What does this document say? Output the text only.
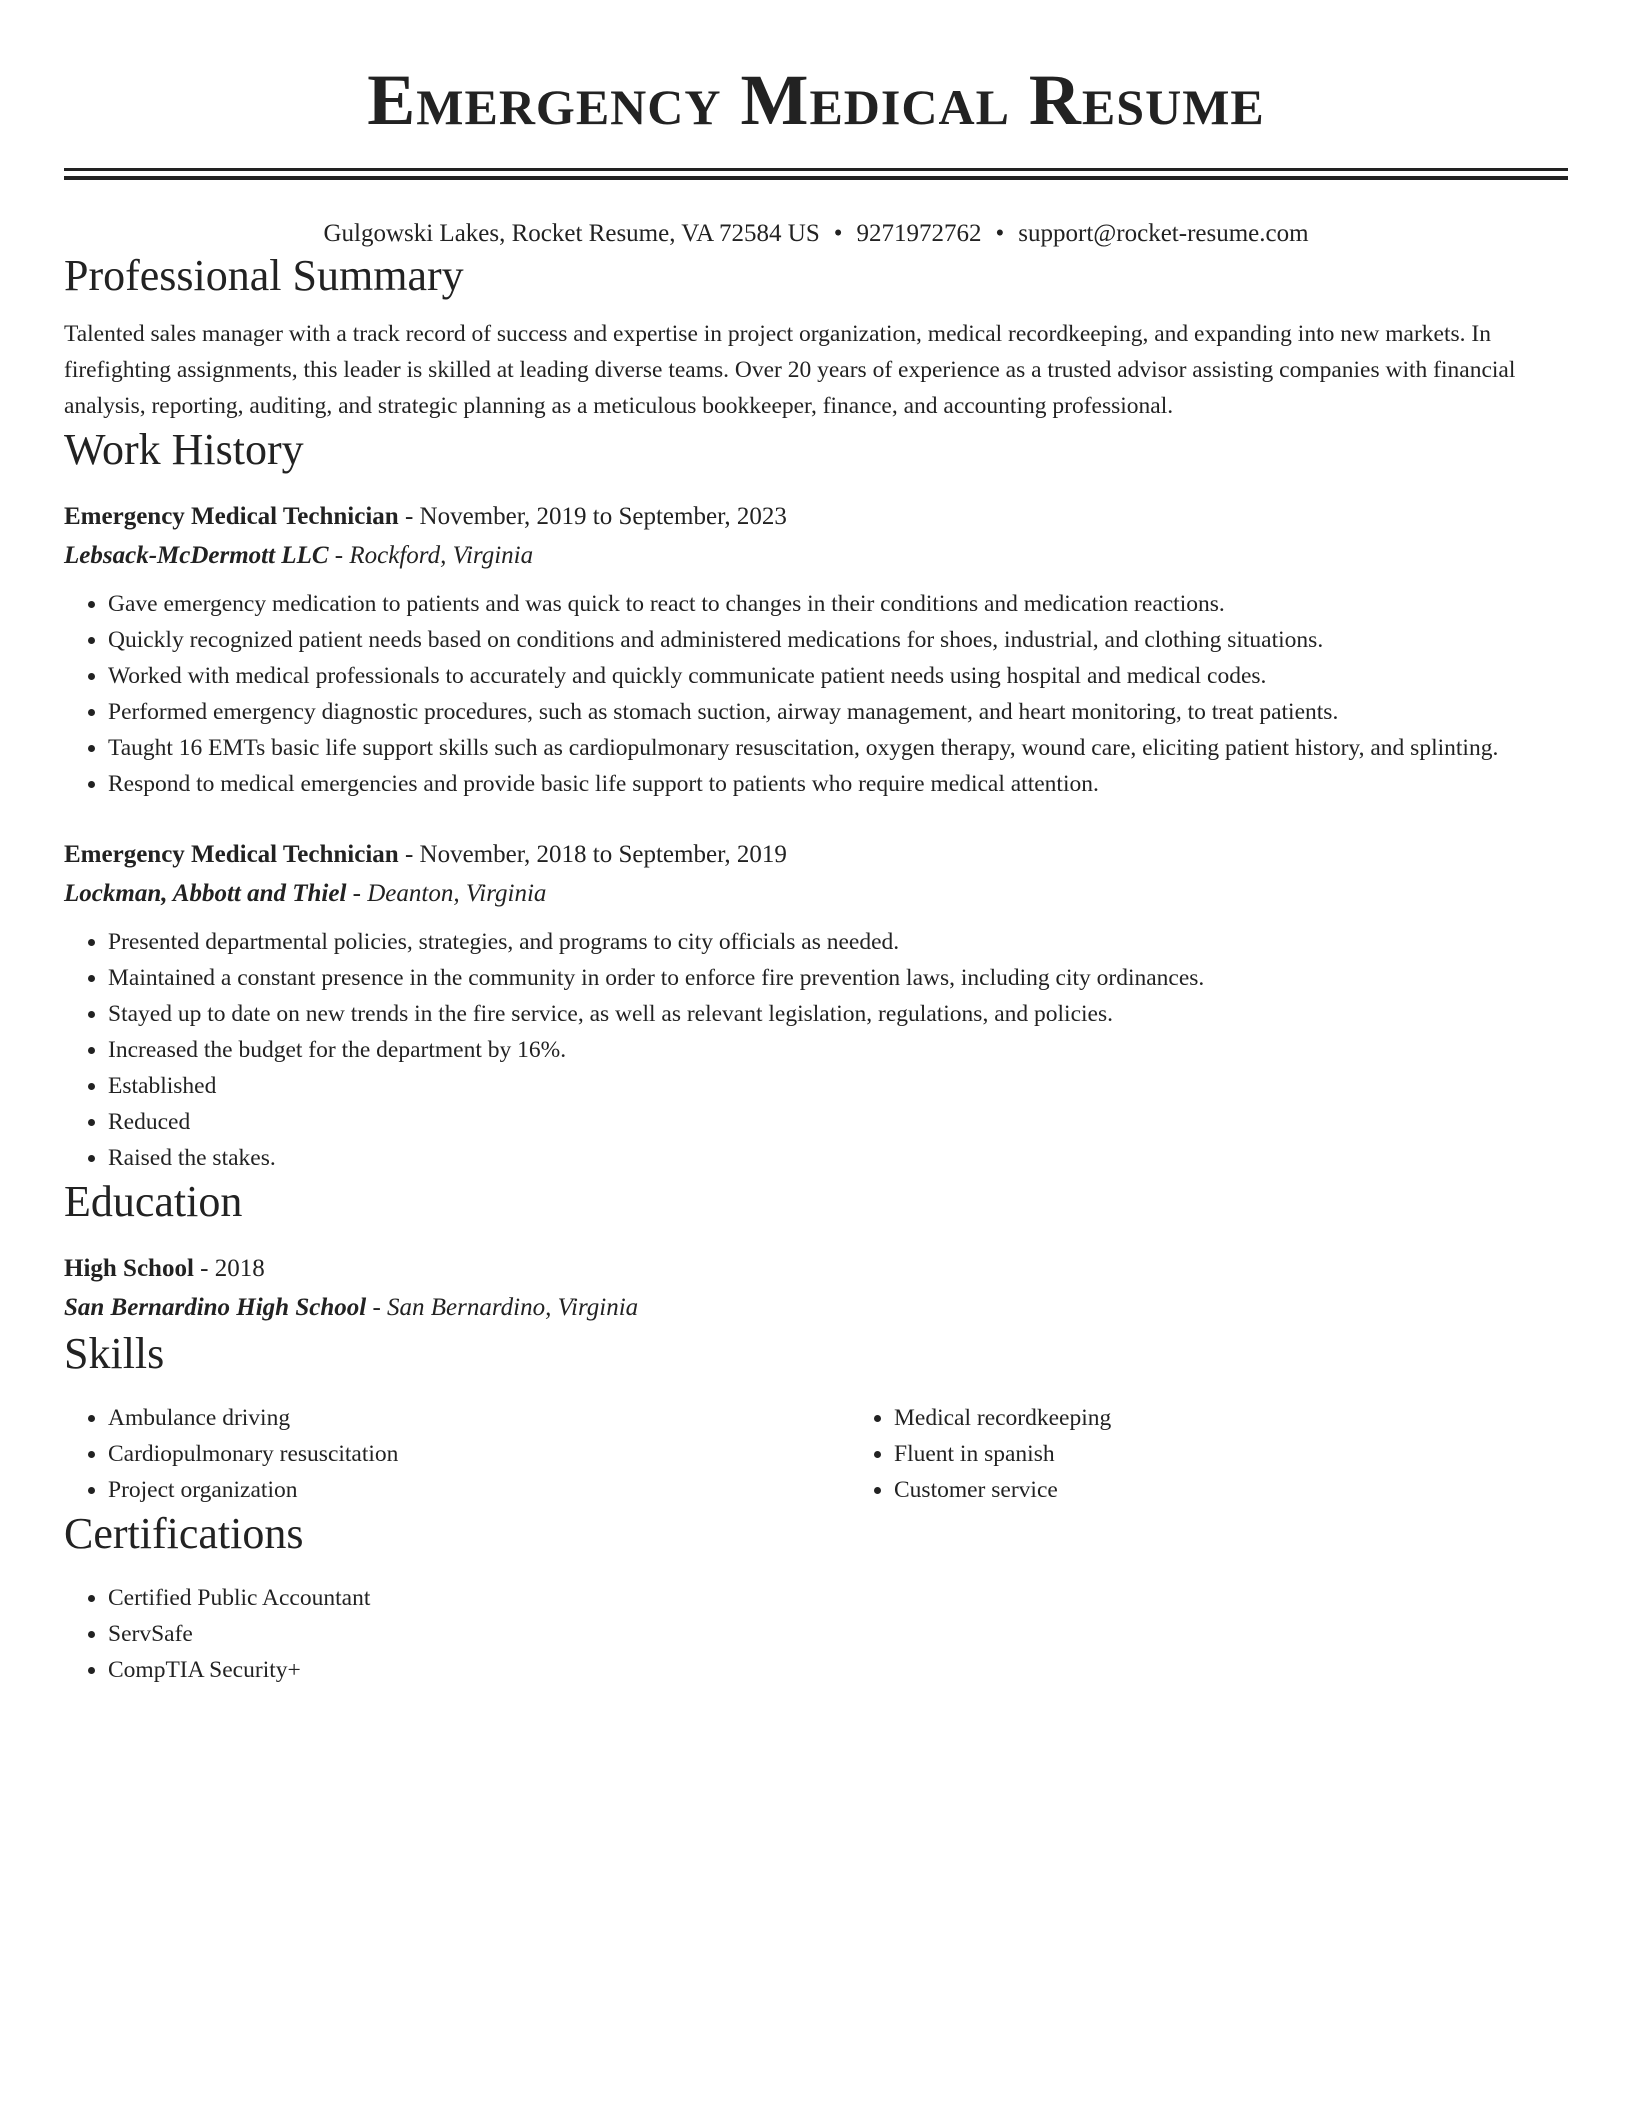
Emergency Medical Resume
Gulgowski Lakes, Rocket Resume, VA 72584 US • 9271972762 • support@rocket-resume.com
Professional Summary
Talented sales manager with a track record of success and expertise in project organization, medical recordkeeping, and expanding into new markets. In firefighting assignments, this leader is skilled at leading diverse teams. Over 20 years of experience as a trusted advisor assisting companies with financial analysis, reporting, auditing, and strategic planning as a meticulous bookkeeper, finance, and accounting professional.
Work History
Emergency Medical Technician - November, 2019 to September, 2023
Lebsack-McDermott LLC - Rockford, Virginia
• Gave emergency medication to patients and was quick to react to changes in their conditions and medication reactions.
• Quickly recognized patient needs based on conditions and administered medications for shoes, industrial, and clothing situations.
• Worked with medical professionals to accurately and quickly communicate patient needs using hospital and medical codes.
• Performed emergency diagnostic procedures, such as stomach suction, airway management, and heart monitoring, to treat patients.
• Taught 16 EMTs basic life support skills such as cardiopulmonary resuscitation, oxygen therapy, wound care, eliciting patient history, and splinting.
• Respond to medical emergencies and provide basic life support to patients who require medical attention.
Emergency Medical Technician - November, 2018 to September, 2019
Lockman, Abbott and Thiel - Deanton, Virginia
• Presented departmental policies, strategies, and programs to city officials as needed.
• Maintained a constant presence in the community in order to enforce fire prevention laws, including city ordinances.
• Stayed up to date on new trends in the fire service, as well as relevant legislation, regulations, and policies.
• Increased the budget for the department by 16%.
• Established
• Reduced
• Raised the stakes.
Education
High School - 2018
San Bernardino High School - San Bernardino, Virginia
Skills
• Ambulance driving
• Cardiopulmonary resuscitation
• Project organization
• Medical recordkeeping
• Fluent in spanish
• Customer service
Certifications
• Certified Public Accountant
• ServSafe
• CompTIA Security+
